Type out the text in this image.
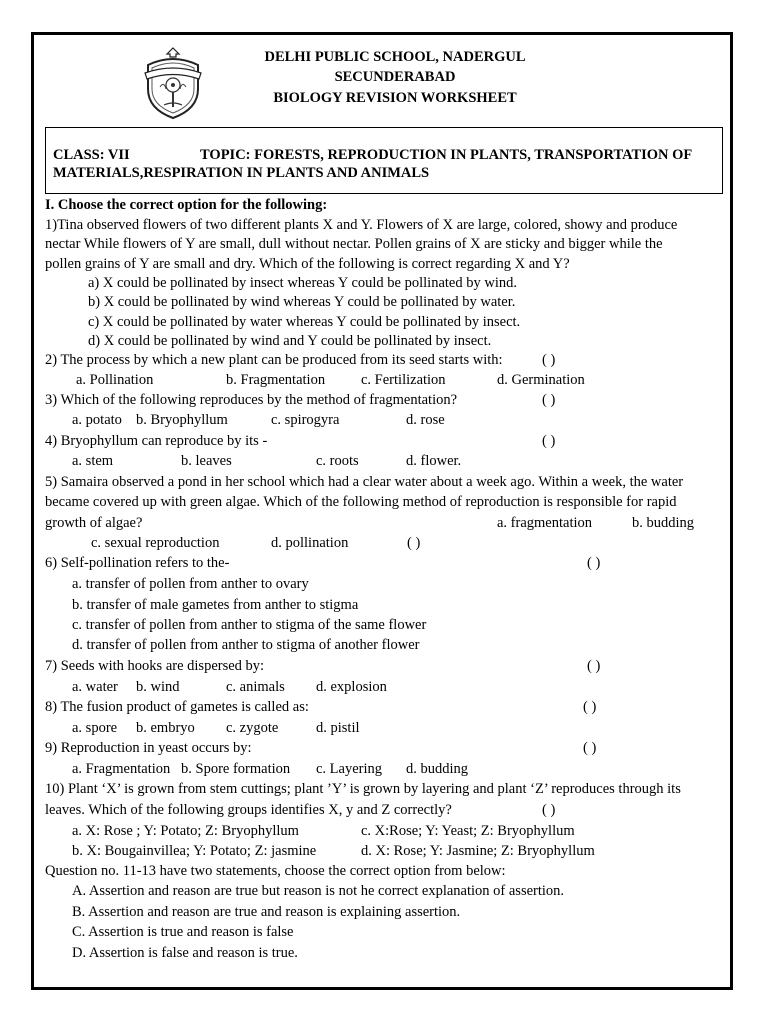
DELHI PUBLIC SCHOOL, NADERGUL
SECUNDERABAD
BIOLOGY REVISION WORKSHEET
CLASS: VII	TOPIC: FORESTS, REPRODUCTION IN PLANTS, TRANSPORTATION OF
MATERIALS,RESPIRATION IN PLANTS AND ANIMALS
I. Choose the correct option for the following:
1)Tina observed flowers of two different plants X and Y. Flowers of X are large, colored, showy and produce
nectar While flowers of Y are small, dull without nectar. Pollen grains of X are sticky and bigger while the
pollen grains of Y are small and dry. Which of the following is correct regarding X and Y?
a) X could be pollinated by insect whereas Y could be pollinated by wind.
b) X could be pollinated by wind whereas Y could be pollinated by water.
c) X could be pollinated by water whereas Y could be pollinated by insect.
d) X could be pollinated by wind and Y could be pollinated by insect.
2) The process by which a new plant can be produced from its seed starts with:	( )
a. Pollination	b. Fragmentation c. Fertilization	d. Germination
3) Which of the following reproduces by the method of fragmentation?	( )
a. potato b. Bryophyllum	c. spirogyra	d. rose
4) Bryophyllum can reproduce by its -	( )
a. stem	b. leaves	c. roots	d. flower.
5) Samaira observed a pond in her school which had a clear water about a week ago. Within a week, the water
became covered up with green algae. Which of the following method of reproduction is responsible for rapid
growth of algae?	a. fragmentation	b. budding
c. sexual reproduction	d. pollination	( )
6) Self-pollination refers to the-	( )
a. transfer of pollen from anther to ovary
b. transfer of male gametes from anther to stigma
c. transfer of pollen from anther to stigma of the same flower
d. transfer of pollen from anther to stigma of another flower
7) Seeds with hooks are dispersed by:	( )
a. water b. wind	c. animals d. explosion
8) The fusion product of gametes is called as:	( )
a. spore b. embryo c. zygote	d. pistil
9) Reproduction in yeast occurs by:	( )
a. Fragmentation b. Spore formation c. Layering d. budding
10) Plant ‘X’ is grown from stem cuttings; plant ’Y’ is grown by layering and plant ‘Z’ reproduces through its
leaves. Which of the following groups identifies X, y and Z correctly?	( )
a. X: Rose ; Y: Potato; Z: Bryophyllum	c. X:Rose; Y: Yeast; Z: Bryophyllum
b. X: Bougainvillea; Y: Potato; Z: jasmine	d. X: Rose; Y: Jasmine; Z: Bryophyllum
Question no. 11-13 have two statements, choose the correct option from below:
A. Assertion and reason are true but reason is not he correct explanation of assertion.
B. Assertion and reason are true and reason is explaining assertion.
C. Assertion is true and reason is false
D. Assertion is false and reason is true.
